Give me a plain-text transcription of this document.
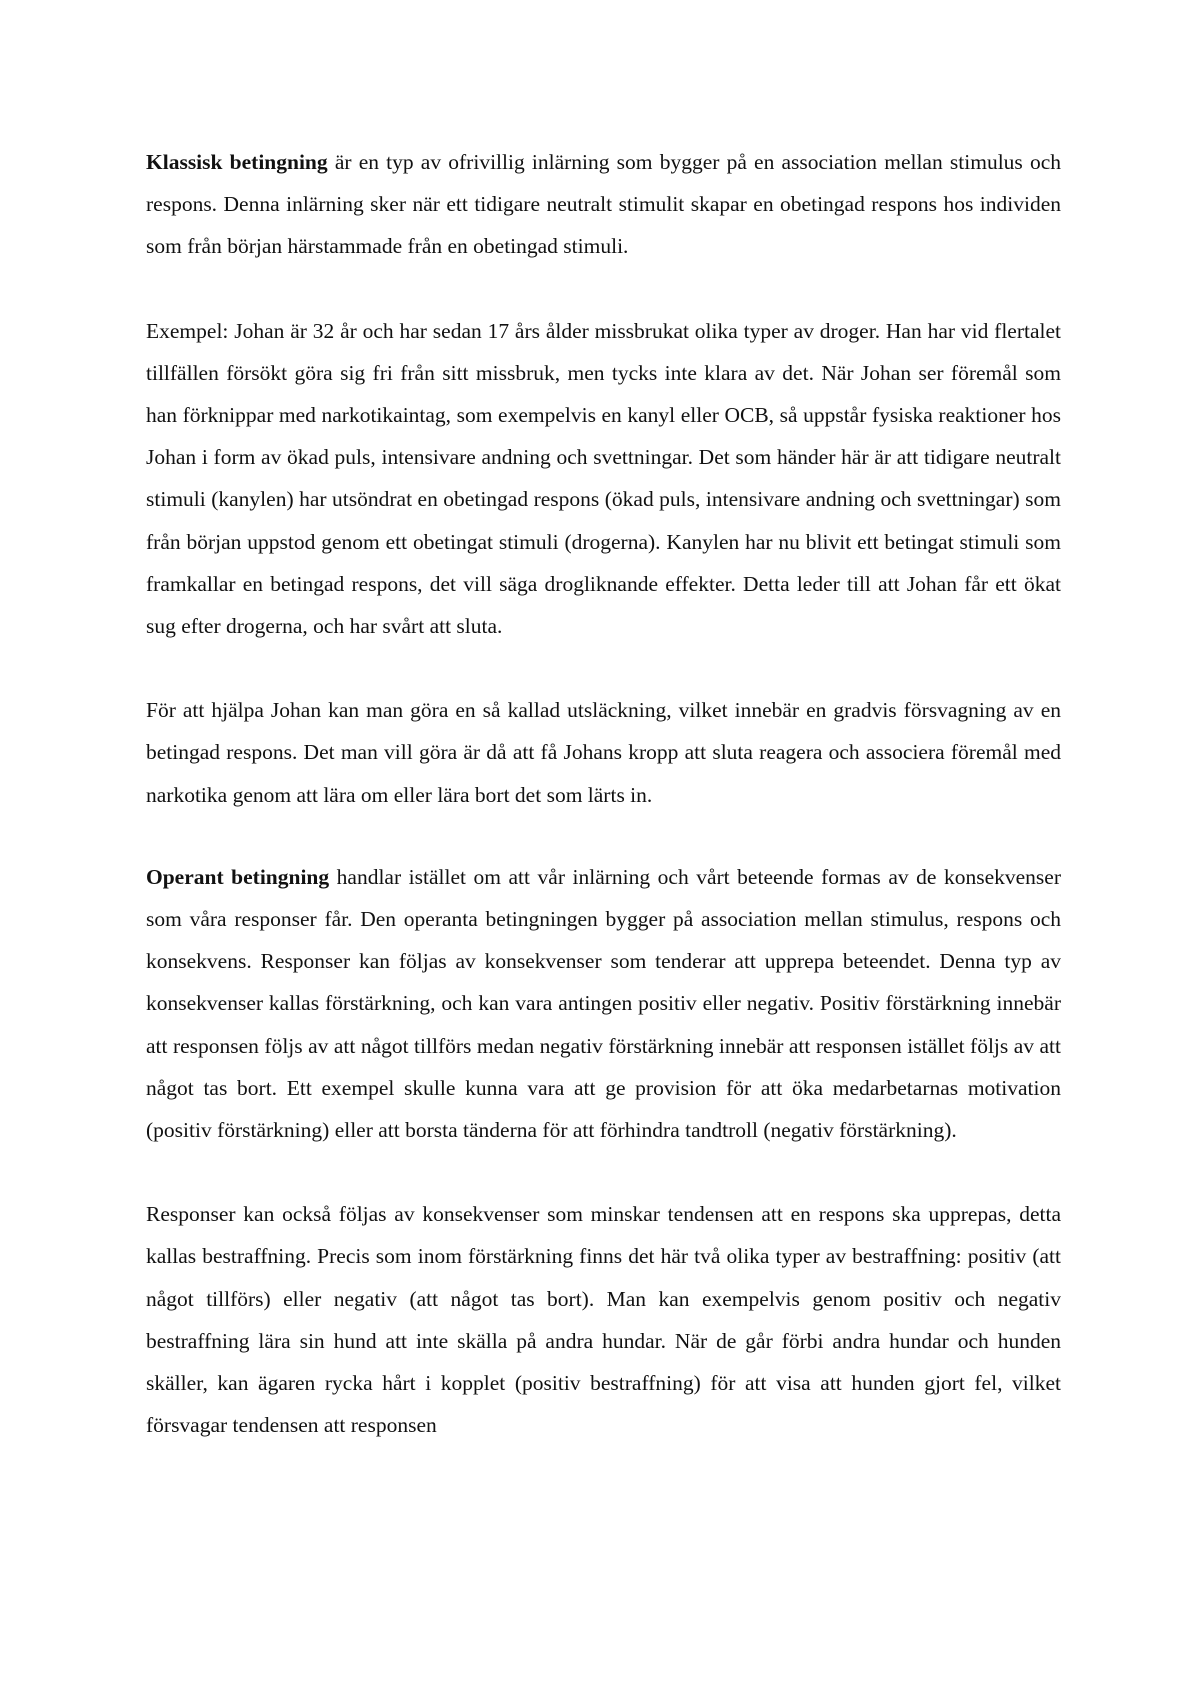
Klassisk betingning är en typ av ofrivillig inlärning som bygger på en association mellan stimulus och respons. Denna inlärning sker när ett tidigare neutralt stimulit skapar en obetingad respons hos individen som från början härstammade från en obetingad stimuli.

Exempel: Johan är 32 år och har sedan 17 års ålder missbrukat olika typer av droger. Han har vid flertalet tillfällen försökt göra sig fri från sitt missbruk, men tycks inte klara av det. När Johan ser föremål som han förknippar med narkotikaintag, som exempelvis en kanyl eller OCB, så uppstår fysiska reaktioner hos Johan i form av ökad puls, intensivare andning och svettningar. Det som händer här är att tidigare neutralt stimuli (kanylen) har utsöndrat en obetingad respons (ökad puls, intensivare andning och svettningar) som från början uppstod genom ett obetingat stimuli (drogerna). Kanylen har nu blivit ett betingat stimuli som framkallar en betingad respons, det vill säga drogliknande effekter. Detta leder till att Johan får ett ökat sug efter drogerna, och har svårt att sluta.

För att hjälpa Johan kan man göra en så kallad utsläckning, vilket innebär en gradvis försvagning av en betingad respons. Det man vill göra är då att få Johans kropp att sluta reagera och associera föremål med narkotika genom att lära om eller lära bort det som lärts in.

Operant betingning handlar istället om att vår inlärning och vårt beteende formas av de konsekvenser som våra responser får. Den operanta betingningen bygger på association mellan stimulus, respons och konsekvens. Responser kan följas av konsekvenser som tenderar att upprepa beteendet. Denna typ av konsekvenser kallas förstärkning, och kan vara antingen positiv eller negativ. Positiv förstärkning innebär att responsen följs av att något tillförs medan negativ förstärkning innebär att responsen istället följs av att något tas bort. Ett exempel skulle kunna vara att ge provision för att öka medarbetarnas motivation (positiv förstärkning) eller att borsta tänderna för att förhindra tandtroll (negativ förstärkning).

Responser kan också följas av konsekvenser som minskar tendensen att en respons ska upprepas, detta kallas bestraffning. Precis som inom förstärkning finns det här två olika typer av bestraffning: positiv (att något tillförs) eller negativ (att något tas bort). Man kan exempelvis genom positiv och negativ bestraffning lära sin hund att inte skälla på andra hundar. När de går förbi andra hundar och hunden skäller, kan ägaren rycka hårt i kopplet (positiv bestraffning) för att visa att hunden gjort fel, vilket försvagar tendensen att responsen
